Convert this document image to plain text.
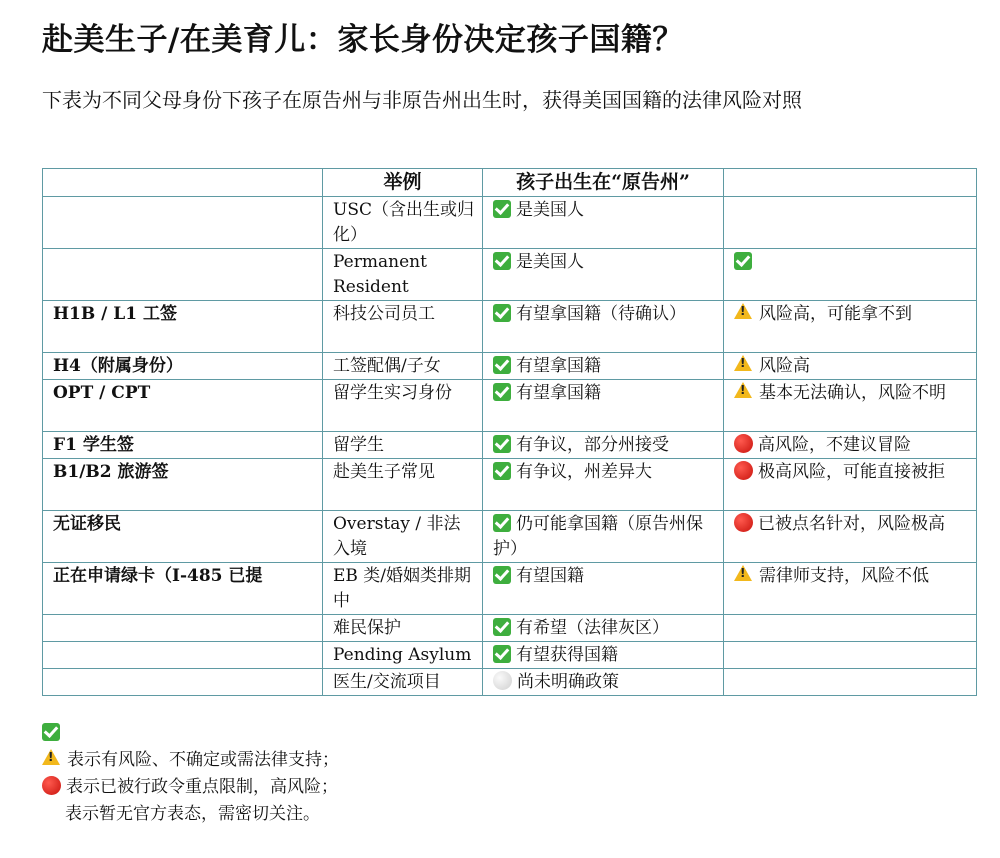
赴美生子/在美育儿：家长身份决定孩子国籍？
下表为不同父母身份下孩子在原告州与非原告州出生时，获得美国国籍的法律风险对照
	举例	孩子出生在“原告州”	
	USC（含出生或归化）	是美国人	
	Permanent Resident	是美国人	
H1B / L1 工签	科技公司员工	有望拿国籍（待确认）	!风险高，可能拿不到
H4（附属身份）	工签配偶/子女	有望拿国籍	!风险高
OPT / CPT	留学生实习身份	有望拿国籍	!基本无法确认，风险不明
F1 学生签	留学生	有争议，部分州接受	高风险，不建议冒险
B1/B2 旅游签	赴美生子常见	有争议，州差异大	极高风险，可能直接被拒
无证移民	Overstay / 非法入境	仍可能拿国籍（原告州保护）	已被点名针对，风险极高
正在申请绿卡（I-485 已提	EB 类/婚姻类排期中	有望国籍	!需律师支持，风险不低
	难民保护	有希望（法律灰区）	
	Pending Asylum	有望获得国籍	
	医生/交流项目	尚未明确政策	
!表示有风险、不确定或需法律支持；
表示已被行政令重点限制，高风险；
表示暂无官方表态，需密切关注。
